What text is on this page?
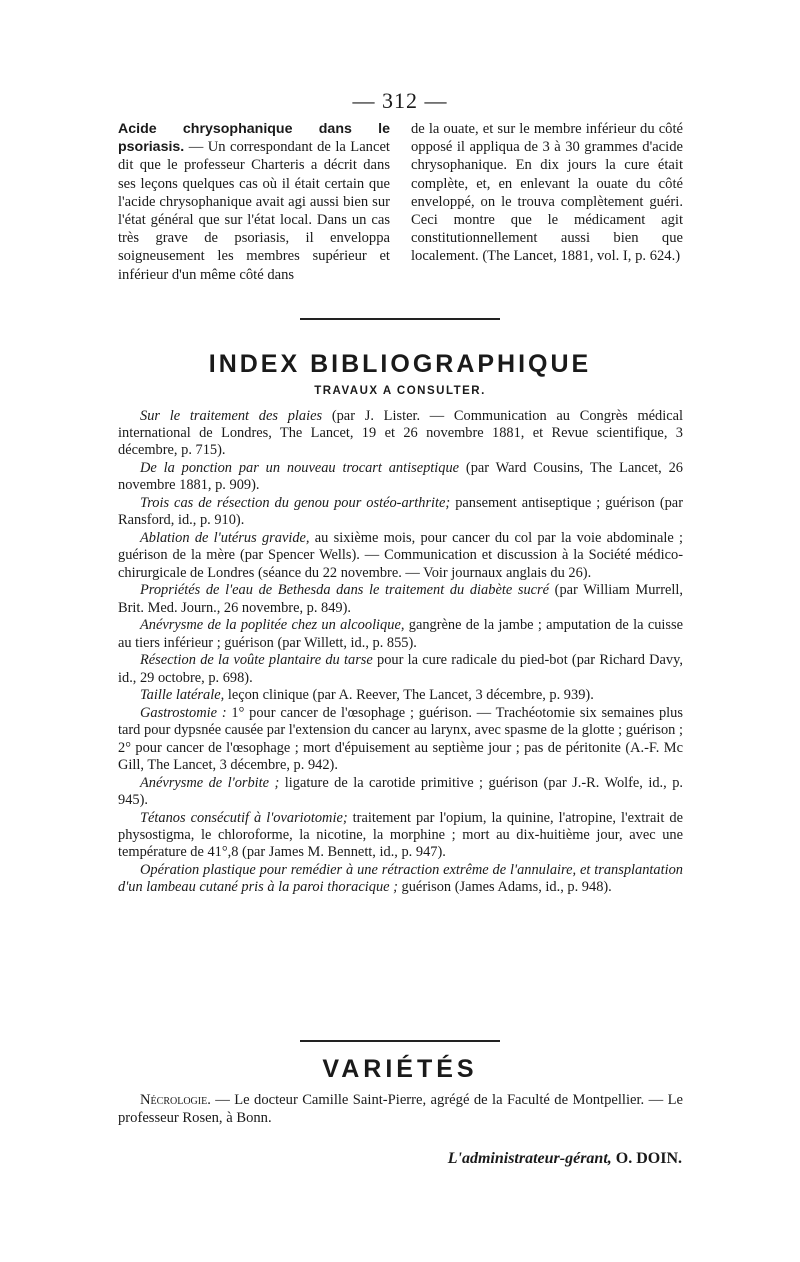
— 312 —
Acide chrysophanique dans le psoriasis. — Un correspondant de la Lancet dit que le professeur Charteris a décrit dans ses leçons quelques cas où il était certain que l'acide chrysophanique avait agi aussi bien sur l'état général que sur l'état local. Dans un cas très grave de psoriasis, il enveloppa soigneusement les membres supérieur et inférieur d'un même côté dans
de la ouate, et sur le membre inférieur du côté opposé il appliqua de 3 à 30 grammes d'acide chrysophanique. En dix jours la cure était complète, et, en enlevant la ouate du côté enveloppé, on le trouva complètement guéri. Ceci montre que le médicament agit constitutionnellement aussi bien que localement. (The Lancet, 1881, vol. I, p. 624.)
INDEX BIBLIOGRAPHIQUE
TRAVAUX A CONSULTER.

Sur le traitement des plaies (par J. Lister. — Communication au Congrès médical international de Londres, The Lancet, 19 et 26 novembre 1881, et Revue scientifique, 3 décembre, p. 715).

De la ponction par un nouveau trocart antiseptique (par Ward Cousins, The Lancet, 26 novembre 1881, p. 909).

Trois cas de résection du genou pour ostéo-arthrite; pansement antiseptique ; guérison (par Ransford, id., p. 910).

Ablation de l'utérus gravide, au sixième mois, pour cancer du col par la voie abdominale ; guérison de la mère (par Spencer Wells). — Communication et discussion à la Société médico-chirurgicale de Londres (séance du 22 novembre. — Voir journaux anglais du 26).

Propriétés de l'eau de Bethesda dans le traitement du diabète sucré (par William Murrell, Brit. Med. Journ., 26 novembre, p. 849).

Anévrysme de la poplitée chez un alcoolique, gangrène de la jambe ; amputation de la cuisse au tiers inférieur ; guérison (par Willett, id., p. 855).

Résection de la voûte plantaire du tarse pour la cure radicale du pied-bot (par Richard Davy, id., 29 octobre, p. 698).

Taille latérale, leçon clinique (par A. Reever, The Lancet, 3 décembre, p. 939).

Gastrostomie : 1° pour cancer de l'œsophage ; guérison. — Trachéotomie six semaines plus tard pour dypsnée causée par l'extension du cancer au larynx, avec spasme de la glotte ; guérison ; 2° pour cancer de l'œsophage ; mort d'épuisement au septième jour ; pas de péritonite (A.-F. Mc Gill, The Lancet, 3 décembre, p. 942).

Anévrysme de l'orbite ; ligature de la carotide primitive ; guérison (par J.-R. Wolfe, id., p. 945).

Tétanos consécutif à l'ovariotomie; traitement par l'opium, la quinine, l'atropine, l'extrait de physostigma, le chloroforme, la nicotine, la morphine ; mort au dix-huitième jour, avec une température de 41°,8 (par James M. Bennett, id., p. 947).

Opération plastique pour remédier à une rétraction extrême de l'annulaire, et transplantation d'un lambeau cutané pris à la paroi thoracique ; guérison (James Adams, id., p. 948).

VARIÉTÉS

Nécrologie. — Le docteur Camille Saint-Pierre, agrégé de la Faculté de Montpellier. — Le professeur Rosen, à Bonn.

L'administrateur-gérant, O. DOIN.
